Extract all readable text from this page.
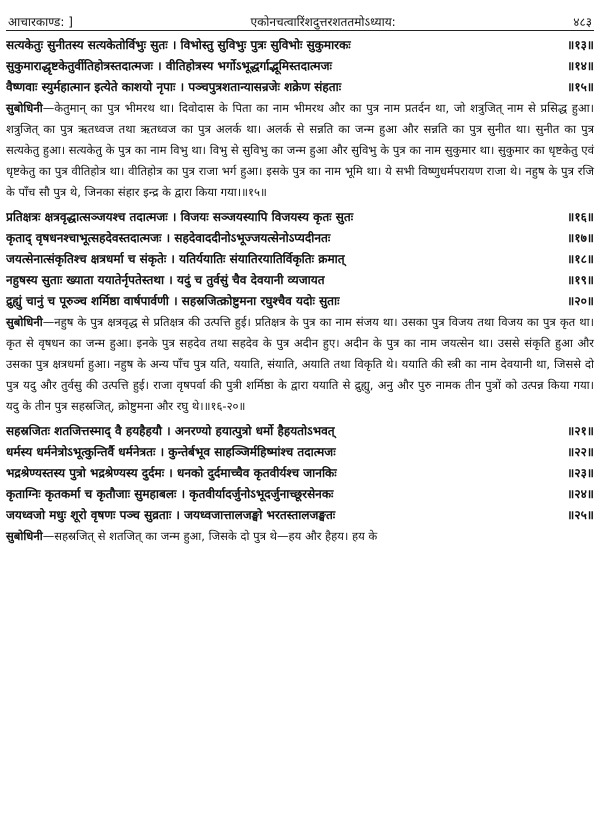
आचारकाण्ड: ]	एकोनचत्वारिंशदुत्तरशततमोऽध्याय:	४८३
सत्यकेतुः सुनीतस्य सत्यकेतोर्विभुः सुतः । विभोस्तु सुविभुः पुत्रः सुविभोः सुकुमारकः	॥१३॥
सुकुमाराद्धृष्टकेतुर्वीतिहोत्रस्तदात्मजः । वीतिहोत्रस्य भर्गोऽभूद्धर्गाद्भूमिस्तदात्मजः	॥१४॥
वैष्णवाः स्युर्महात्मान इत्येते काशयो नृपाः । पञ्चपुत्रशतान्यासन्रजेः शक्रेण संहताः	॥१५॥
सुबोधिनी—केतुमान् का पुत्र भीमरथ था। दिवोदास के पिता का नाम भीमरथ और का पुत्र नाम प्रतर्दन था, जो शत्रुजित् नाम से प्रसिद्ध हुआ। शत्रुजित् का पुत्र ऋतध्वज तथा ऋतध्वज का पुत्र अलर्क था। अलर्क से सन्नति का जन्म हुआ और सन्नति का पुत्र सुनीत था। सुनीत का पुत्र सत्यकेतु हुआ। सत्यकेतु के पुत्र का नाम विभु था। विभु से सुविभु का जन्म हुआ और सुविभु के पुत्र का नाम सुकुमार था। सुकुमार का धृष्टकेतु एवं धृष्टकेतु का पुत्र वीतिहोत्र था। वीतिहोत्र का पुत्र राजा भर्ग हुआ। इसके पुत्र का नाम भूमि था। ये सभी विष्णुधर्मपरायण राजा थे। नहुष के पुत्र रजि के पाँच सौ पुत्र थे, जिनका संहार इन्द्र के द्वारा किया गया।॥१५॥
प्रतिक्षत्रः क्षत्रवृद्धात्सञ्जयश्च तदात्मजः । विजयः सञ्जयस्यापि विजयस्य कृतः सुतः	॥१६॥
कृताद् वृषधनश्चाभूत्सहदेवस्तदात्मजः । सहदेवाददीनोऽभूज्जयत्सेनोऽप्यदीनतः	॥१७॥
जयत्सेनात्संकृतिश्च क्षत्रधर्मा च संकृतेः । यतिर्ययातिः संयातिरयातिर्विकृतिः क्रमात्	॥१८॥
नहुषस्य सुताः ख्याता ययातेर्नृपतेस्तथा । यदुं च तुर्वसुं चैव देवयानी व्यजायत	॥१९॥
द्रुह्युं चानुं च पूरुञ्च शर्मिष्ठा वार्षपार्वणी । सहस्रजित्क्रोष्टुमना रघुश्चैव यदोः सुताः	॥२०॥
सुबोधिनी—नहुष के पुत्र क्षत्रवृद्ध से प्रतिक्षत्र की उत्पत्ति हुई। प्रतिक्षत्र के पुत्र का नाम संजय था। उसका पुत्र विजय तथा विजय का पुत्र कृत था। कृत से वृषधन का जन्म हुआ। इनके पुत्र सहदेव तथा सहदेव के पुत्र अदीन हुए। अदीन के पुत्र का नाम जयत्सेन था। उससे संकृति हुआ और उसका पुत्र क्षत्रधर्मा हुआ। नहुष के अन्य पाँच पुत्र यति, ययाति, संयाति, अयाति तथा विकृति थे। ययाति की स्त्री का नाम देवयानी था, जिससे दो पुत्र यदु और तुर्वसु की उत्पत्ति हुई। राजा वृषपर्वा की पुत्री शर्मिष्ठा के द्वारा ययाति से द्रुह्यु, अनु और पुरु नामक तीन पुत्रों को उत्पन्न किया गया। यदु के तीन पुत्र सहस्रजित्, क्रोष्टुमना और रघु थे।॥१६-२०॥
सहस्रजितः शतजित्तस्माद् वै हयहैहयौ । अनरण्यो हयात्पुत्रो धर्मो हैहयतोऽभवत्	॥२१॥
धर्मस्य धर्मनेत्रोऽभूत्कुन्तिर्वै धर्मनेत्रतः । कुन्तेर्बभूव साहञ्जिर्महिष्मांश्च तदात्मजः	॥२२॥
भद्रश्रेण्यस्तस्य पुत्रो भद्रश्रेण्यस्य दुर्दमः । धनको दुर्दमाच्चैव कृतवीर्यश्च जानकिः	॥२३॥
कृताग्निः कृतकर्मा च कृतौजाः सुमहाबलः । कृतवीर्यादर्जुनोऽभूदर्जुनाच्छूरसेनकः	॥२४॥
जयध्वजो मधुः शूरो वृषणः पञ्च सुव्रताः । जयध्वजात्तालजङ्घो भरतस्तालजङ्घतः	॥२५॥
सुबोधिनी—सहस्रजित् से शतजित् का जन्म हुआ, जिसके दो पुत्र थे—हय और हैहय। हय के
